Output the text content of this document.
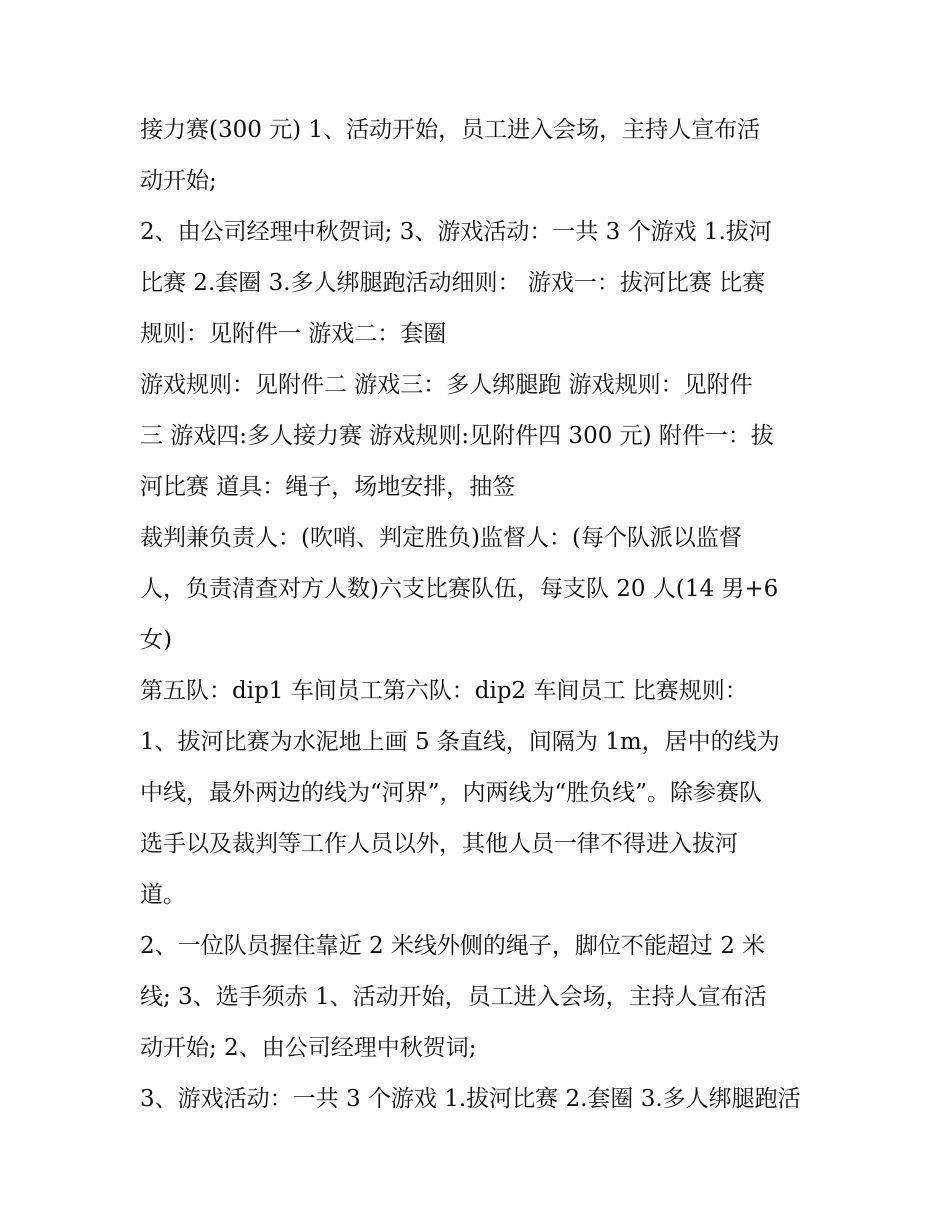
接力赛(300 元) 1、活动开始，员工进入会场，主持人宣布活
动开始;

2、由公司经理中秋贺词; 3、游戏活动：一共 3 个游戏 1.拔河
比赛 2.套圈 3.多人绑腿跑活动细则： 游戏一：拔河比赛 比赛
规则：见附件一 游戏二：套圈

游戏规则：见附件二 游戏三：多人绑腿跑 游戏规则：见附件
三 游戏四:多人接力赛 游戏规则:见附件四 300 元) 附件一：拔
河比赛 道具：绳子，场地安排，抽签

裁判兼负责人：(吹哨、判定胜负)监督人：(每个队派以监督
人，负责清查对方人数)六支比赛队伍，每支队 20 人(14 男+6
女)

第五队：dip1 车间员工第六队：dip2 车间员工 比赛规则：

1、拔河比赛为水泥地上画 5 条直线，间隔为 1m，居中的线为
中线，最外两边的线为“河界”，内两线为“胜负线”。除参赛队
选手以及裁判等工作人员以外，其他人员一律不得进入拔河
道。

2、一位队员握住靠近 2 米线外侧的绳子，脚位不能超过 2 米
线; 3、选手须赤 1、活动开始，员工进入会场，主持人宣布活
动开始; 2、由公司经理中秋贺词;

3、游戏活动：一共 3 个游戏 1.拔河比赛 2.套圈 3.多人绑腿跑活
